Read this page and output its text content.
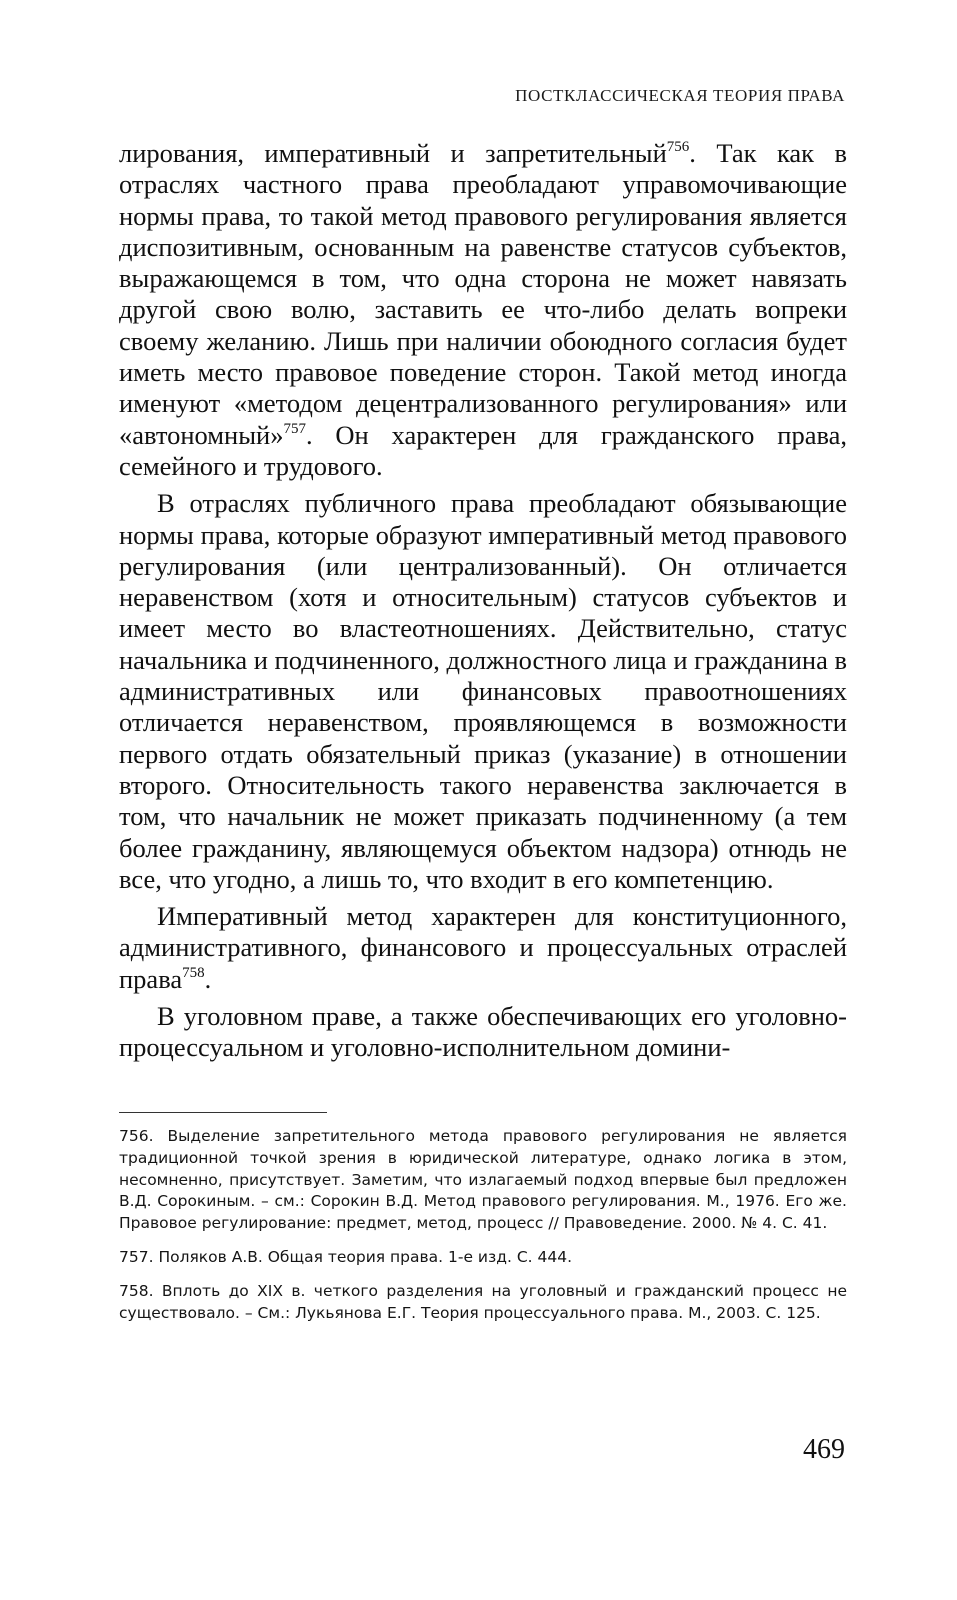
ПОСТКЛАССИЧЕСКАЯ ТЕОРИЯ ПРАВА

лирования, императивный и запретительный$^{756}$. Так как в отраслях частного права преобладают управомочивающие нормы права, то такой метод правового регулирования является диспозитивным, основанным на равенстве статусов субъектов, выражающемся в том, что одна сторона не может навязать другой свою волю, заставить ее что-либо делать вопреки своему желанию. Лишь при наличии обоюдного согласия будет иметь место правовое поведение сторон. Такой метод иногда именуют «методом децентрализованного регулирования» или «автономный»$^{757}$. Он характерен для гражданского права, семейного и трудового.

В отраслях публичного права преобладают обязывающие нормы права, которые образуют императивный метод правового регулирования (или централизованный). Он отличается неравенством (хотя и относительным) статусов субъектов и имеет место во властеотношениях. Действительно, статус начальника и подчиненного, должностного лица и гражданина в административных или финансовых правоотношениях отличается неравенством, проявляющемся в возможности первого отдать обязательный приказ (указание) в отношении второго. Относительность такого неравенства заключается в том, что начальник не может приказать подчиненному (а тем более гражданину, являющемуся объектом надзора) отнюдь не все, что угодно, а лишь то, что входит в его компетенцию.

Императивный метод характерен для конституционного, административного, финансового и процессуальных отраслей права$^{758}$.

В уголовном праве, а также обеспечивающих его уголовно-процессуальном и уголовно-исполнительном домини-

756. Выделение запретительного метода правового регулирования не является традиционной точкой зрения в юридической литературе, однако логика в этом, несомненно, присутствует. Заметим, что излагаемый подход впервые был предложен В.Д. Сорокиным. – см.: Сорокин В.Д. Метод правового регулирования. М., 1976. Его же. Правовое регулирование: предмет, метод, процесс // Правоведение. 2000. № 4. С. 41.

757. Поляков А.В. Общая теория права. 1-е изд. С. 444.

758. Вплоть до XIX в. четкого разделения на уголовный и гражданский процесс не существовало. – См.: Лукьянова Е.Г. Теория процессуального права. М., 2003. С. 125.

469
